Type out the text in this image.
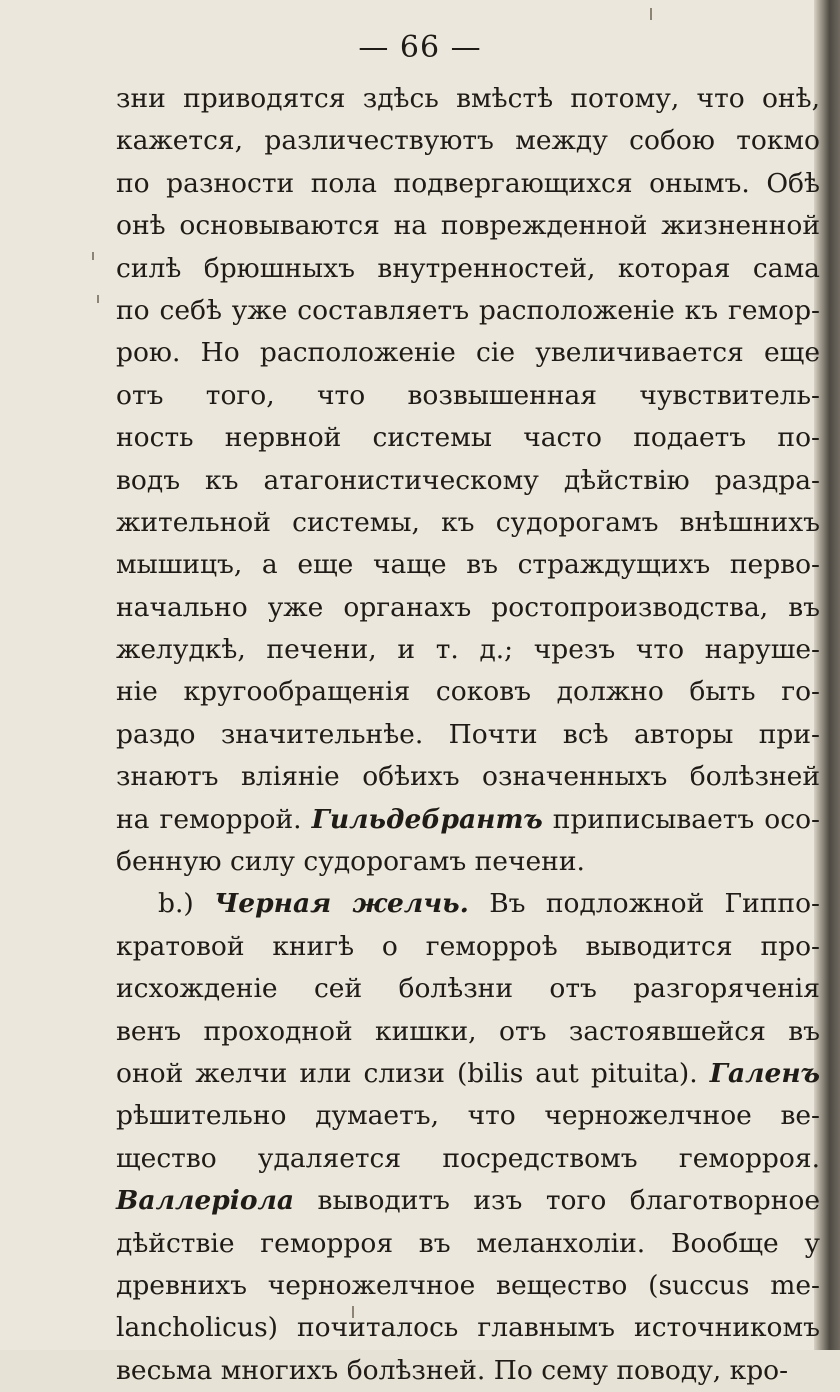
— 66 —
зни приводятся здѣсь вмѣстѣ потому, что онѣ,
кажется, различествуютъ между собою токмо
по разности пола подвергающихся онымъ. Обѣ
онѣ основываются на поврежденной жизненной
силѣ брюшныхъ внутренностей, которая сама
по себѣ уже составляетъ расположенiе къ гемор-
рою. Но расположенiе сiе увеличивается еще
отъ того, что возвышенная чувствитель-
ность нервной системы часто подаетъ по-
водъ къ атагонистическому дѣйствiю раздра-
жительной системы, къ судорогамъ внѣшнихъ
мышицъ, а еще чаще въ страждущихъ перво-
начально уже органахъ ростопроизводства, въ
желудкѣ, печени, и т. д.; чрезъ что наруше-
нiе кругообращенiя соковъ должно быть го-
раздо значительнѣе. Почти всѣ авторы при-
знаютъ влiянiе обѣихъ означенныхъ болѣзней
на геморрой. Гильдебрантъ приписываетъ осо-
бенную силу судорогамъ печени.
b.) Черная желчь. Въ подложной Гиппо-
кратовой книгѣ о геморроѣ выводится про-
исхожденiе сей болѣзни отъ разгоряченiя
венъ проходной кишки, отъ застоявшейся въ
оной желчи или слизи (bilis aut pituita). Галенъ
рѣшительно думаетъ, что черножелчное ве-
щество удаляется посредствомъ геморроя.
Валлерiола выводитъ изъ того благотворное
дѣйствiе геморроя въ меланхолiи. Вообще у
древнихъ черножелчное вещество (succus me-
lancholicus) почиталось главнымъ источникомъ
весьма многихъ болѣзней. По сему поводу, кро-
